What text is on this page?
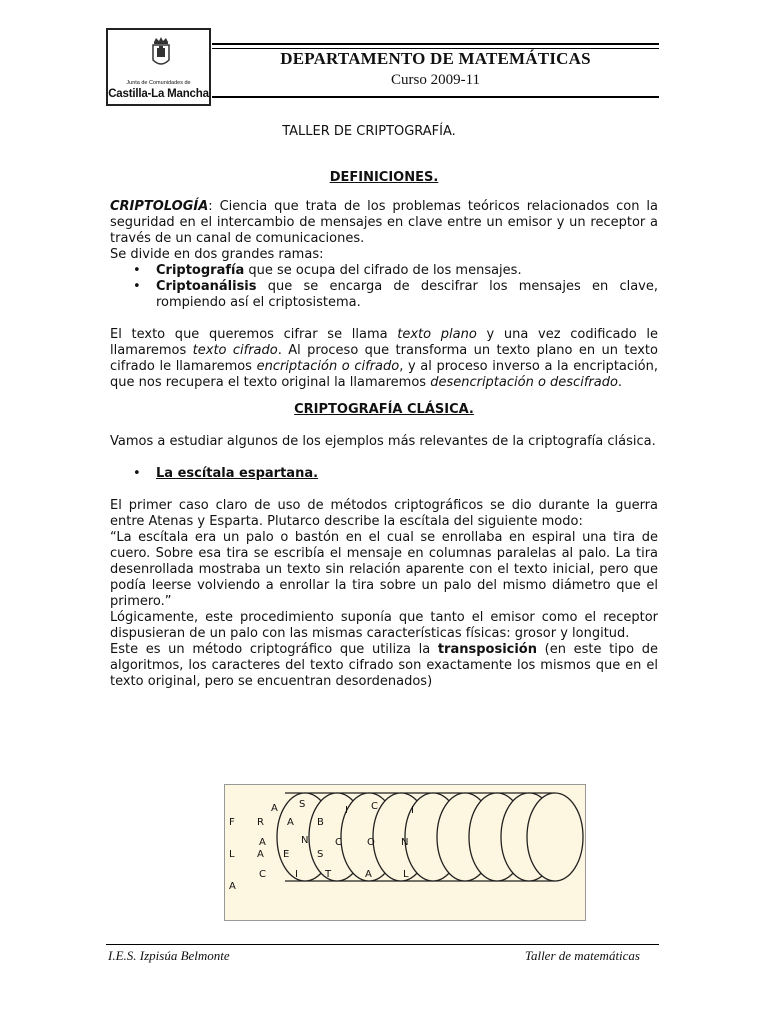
Junta de Comunidades de
Castilla-La Mancha
DEPARTAMENTO DE MATEMÁTICAS
Curso 2009-11
TALLER DE CRIPTOGRAFÍA.
DEFINICIONES.
CRIPTOLOGÍA: Ciencia que trata de los problemas teóricos relacionados con la seguridad en el intercambio de mensajes en clave entre un emisor y un receptor a través de un canal de comunicaciones.
Se divide en dos grandes ramas:
• Criptografía que se ocupa del cifrado de los mensajes.
• Criptoanálisis que se encarga de descifrar los mensajes en clave, rompiendo así el criptosistema.
El texto que queremos cifrar se llama texto plano y una vez codificado le llamaremos texto cifrado. Al proceso que transforma un texto plano en un texto cifrado le llamaremos encriptación o cifrado, y al proceso inverso a la encriptación, que nos recupera el texto original la llamaremos desencriptación o descifrado.
CRIPTOGRAFÍA CLÁSICA.
Vamos a estudiar algunos de los ejemplos más relevantes de la criptografía clásica.
• La escítala espartana.
El primer caso claro de uso de métodos criptográficos se dio durante la guerra entre Atenas y Esparta. Plutarco describe la escítala del siguiente modo:
“La escítala era un palo o bastón en el cual se enrollaba en espiral una tira de cuero. Sobre esa tira se escribía el mensaje en columnas paralelas al palo. La tira desenrollada mostraba un texto sin relación aparente con el texto inicial, pero que podía leerse volviendo a enrollar la tira sobre un palo del mismo diámetro que el primero.”
Lógicamente, este procedimiento suponía que tanto el emisor como el receptor dispusieran de un palo con las mismas características físicas: grosor y longitud.
Este es un método criptográfico que utiliza la transposición (en este tipo de algoritmos, los caracteres del texto cifrado son exactamente los mismos que en el texto original, pero se encuentran desordenados)
A S
I C	I
F R A B
A	N	C	O	N
L A E	S
C	I	T	A	L
A
I.E.S. Izpisúa Belmonte	Taller de matemáticas
